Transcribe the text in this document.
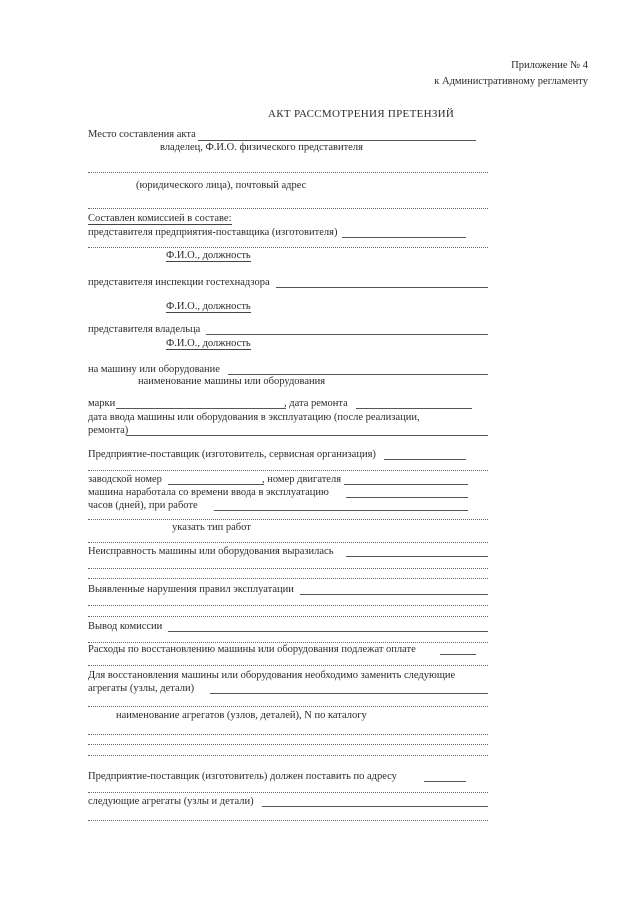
Приложение № 4
к Административному регламенту
АКТ РАССМОТРЕНИЯ ПРЕТЕНЗИЙ
Место составления акта
владелец, Ф.И.О. физического представителя
(юридического лица), почтовый адрес
Составлен комиссией в составе:
представителя предприятия-поставщика (изготовителя)
Ф.И.О., должность
представителя инспекции гостехнадзора
Ф.И.О., должность
представителя владельца
Ф.И.О., должность
на машину или оборудование
наименование машины или оборудования
марки	, дата ремонта
дата ввода машины или оборудования в эксплуатацию (после реализации,
ремонта)
Предприятие-поставщик (изготовитель, сервисная организация)
заводской номер	, номер двигателя
машина наработала со времени ввода в эксплуатацию
часов (дней), при работе
указать тип работ
Неисправность машины или оборудования выразилась
Выявленные нарушения правил эксплуатации
Вывод комиссии
Расходы по восстановлению машины или оборудования подлежат оплате
Для восстановления машины или оборудования необходимо заменить следующие
агрегаты (узлы, детали)
наименование агрегатов (узлов, деталей), N по каталогу
Предприятие-поставщик (изготовитель) должен поставить по адресу
следующие агрегаты (узлы и детали)
